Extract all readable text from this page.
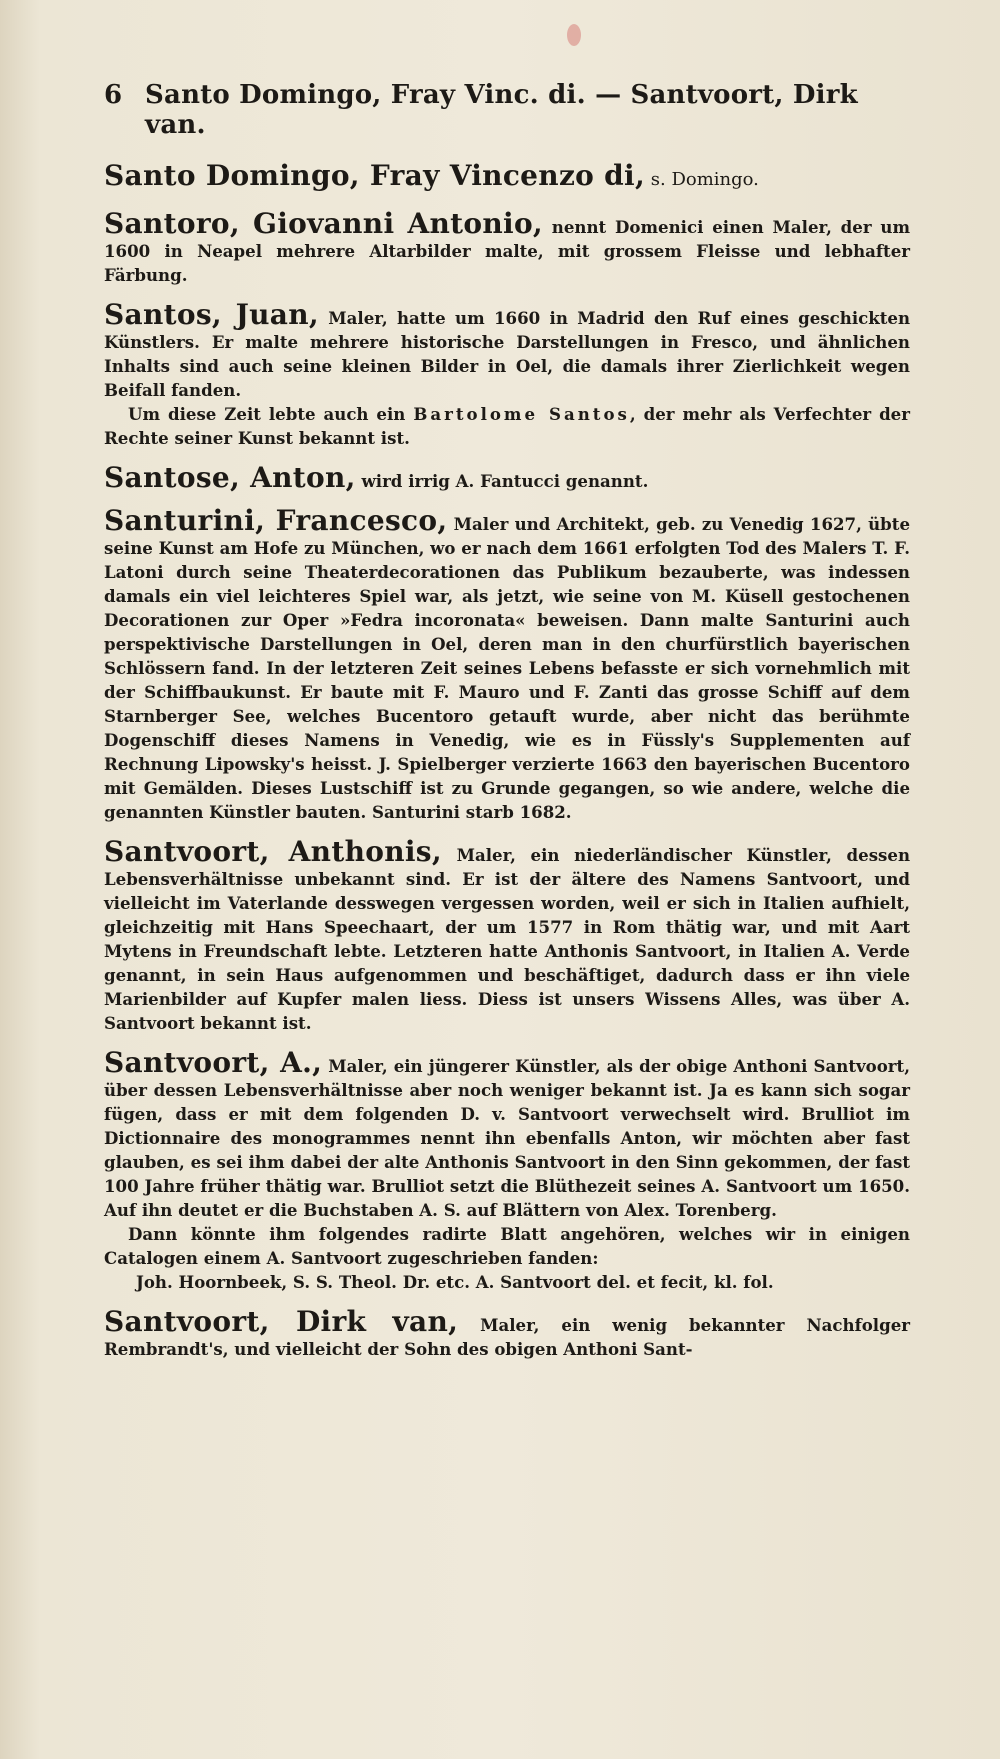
6 Santo Domingo, Fray Vinc. di. — Santvoort, Dirk van.

Santo Domingo, Fray Vincenzo di, s. Domingo.

Santoro, Giovanni Antonio, nennt Domenici einen Maler, der um 1600 in Neapel mehrere Altarbilder malte, mit grossem Fleisse und lebhafter Färbung.

Santos, Juan, Maler, hatte um 1660 in Madrid den Ruf eines geschickten Künstlers. Er malte mehrere historische Darstellungen in Fresco, und ähnlichen Inhalts sind auch seine kleinen Bilder in Oel, die damals ihrer Zierlichkeit wegen Beifall fanden.

Um diese Zeit lebte auch ein Bartolome Santos, der mehr als Verfechter der Rechte seiner Kunst bekannt ist.

Santose, Anton, wird irrig A. Fantucci genannt.

Santurini, Francesco, Maler und Architekt, geb. zu Venedig 1627, übte seine Kunst am Hofe zu München, wo er nach dem 1661 erfolgten Tod des Malers T. F. Latoni durch seine Theaterdecorationen das Publikum bezauberte, was indessen damals ein viel leichteres Spiel war, als jetzt, wie seine von M. Küsell gestochenen Decorationen zur Oper »Fedra incoronata« beweisen. Dann malte Santurini auch perspektivische Darstellungen in Oel, deren man in den churfürstlich bayerischen Schlössern fand. In der letzteren Zeit seines Lebens befasste er sich vornehmlich mit der Schiffbaukunst. Er baute mit F. Mauro und F. Zanti das grosse Schiff auf dem Starnberger See, welches Bucentoro getauft wurde, aber nicht das berühmte Dogenschiff dieses Namens in Venedig, wie es in Füssly's Supplementen auf Rechnung Lipowsky's heisst. J. Spielberger verzierte 1663 den bayerischen Bucentoro mit Gemälden. Dieses Lustschiff ist zu Grunde gegangen, so wie andere, welche die genannten Künstler bauten. Santurini starb 1682.

Santvoort, Anthonis, Maler, ein niederländischer Künstler, dessen Lebensverhältnisse unbekannt sind. Er ist der ältere des Namens Santvoort, und vielleicht im Vaterlande desswegen vergessen worden, weil er sich in Italien aufhielt, gleichzeitig mit Hans Speechaart, der um 1577 in Rom thätig war, und mit Aart Mytens in Freundschaft lebte. Letzteren hatte Anthonis Santvoort, in Italien A. Verde genannt, in sein Haus aufgenommen und beschäftiget, dadurch dass er ihn viele Marienbilder auf Kupfer malen liess. Diess ist unsers Wissens Alles, was über A. Santvoort bekannt ist.

Santvoort, A., Maler, ein jüngerer Künstler, als der obige Anthoni Santvoort, über dessen Lebensverhältnisse aber noch weniger bekannt ist. Ja es kann sich sogar fügen, dass er mit dem folgenden D. v. Santvoort verwechselt wird. Brulliot im Dictionnaire des monogrammes nennt ihn ebenfalls Anton, wir möchten aber fast glauben, es sei ihm dabei der alte Anthonis Santvoort in den Sinn gekommen, der fast 100 Jahre früher thätig war. Brulliot setzt die Blüthezeit seines A. Santvoort um 1650. Auf ihn deutet er die Buchstaben A. S. auf Blättern von Alex. Torenberg.

Dann könnte ihm folgendes radirte Blatt angehören, welches wir in einigen Catalogen einem A. Santvoort zugeschrieben fanden:

Joh. Hoornbeek, S. S. Theol. Dr. etc. A. Santvoort del. et fecit, kl. fol.

Santvoort, Dirk van, Maler, ein wenig bekannter Nachfolger Rembrandt's, und vielleicht der Sohn des obigen Anthoni Sant-
